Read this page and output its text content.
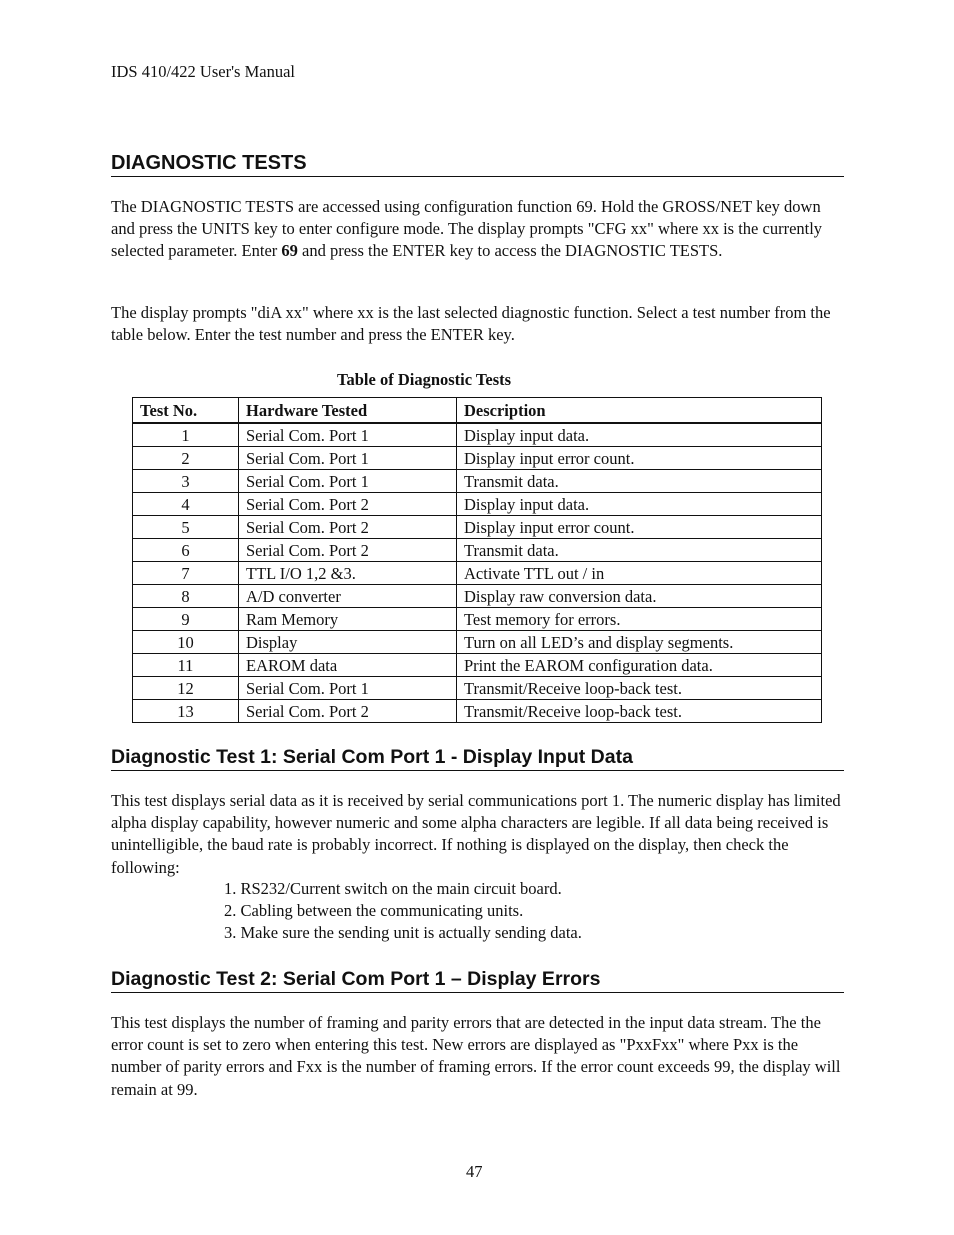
IDS 410/422 User's Manual
DIAGNOSTIC TESTS

The DIAGNOSTIC TESTS are accessed using configuration function 69. Hold the GROSS/NET key down and press the UNITS key to enter configure mode. The display prompts "CFG xx" where xx is the currently selected parameter. Enter 69 and press the ENTER key to access the DIAGNOSTIC TESTS.

The display prompts "diA xx" where xx is the last selected diagnostic function. Select a test number from the table below. Enter the test number and press the ENTER key.

Table of Diagnostic Tests
Test No.	Hardware Tested	Description
1	Serial Com. Port 1	Display input data.
2	Serial Com. Port 1	Display input error count.
3	Serial Com. Port 1	Transmit data.
4	Serial Com. Port 2	Display input data.
5	Serial Com. Port 2	Display input error count.
6	Serial Com. Port 2	Transmit data.
7	TTL I/O 1,2 &3.	Activate TTL out / in
8	A/D converter	Display raw conversion data.
9	Ram Memory	Test memory for errors.
10	Display	Turn on all LED’s and display segments.
11	EAROM data	Print the EAROM configuration data.
12	Serial Com. Port 1	Transmit/Receive loop-back test.
13	Serial Com. Port 2	Transmit/Receive loop-back test.
Diagnostic Test 1: Serial Com Port 1 - Display Input Data

This test displays serial data as it is received by serial communications port 1. The numeric display has limited alpha display capability, however numeric and some alpha characters are legible. If all data being received is unintelligible, the baud rate is probably incorrect. If nothing is displayed on the display, then check the following:

1. RS232/Current switch on the main circuit board.
2. Cabling between the communicating units.
3. Make sure the sending unit is actually sending data.
Diagnostic Test 2: Serial Com Port 1 – Display Errors

This test displays the number of framing and parity errors that are detected in the input data stream. The the error count is set to zero when entering this test. New errors are displayed as "PxxFxx" where Pxx is the number of parity errors and Fxx is the number of framing errors. If the error count exceeds 99, the display will remain at 99.

47
